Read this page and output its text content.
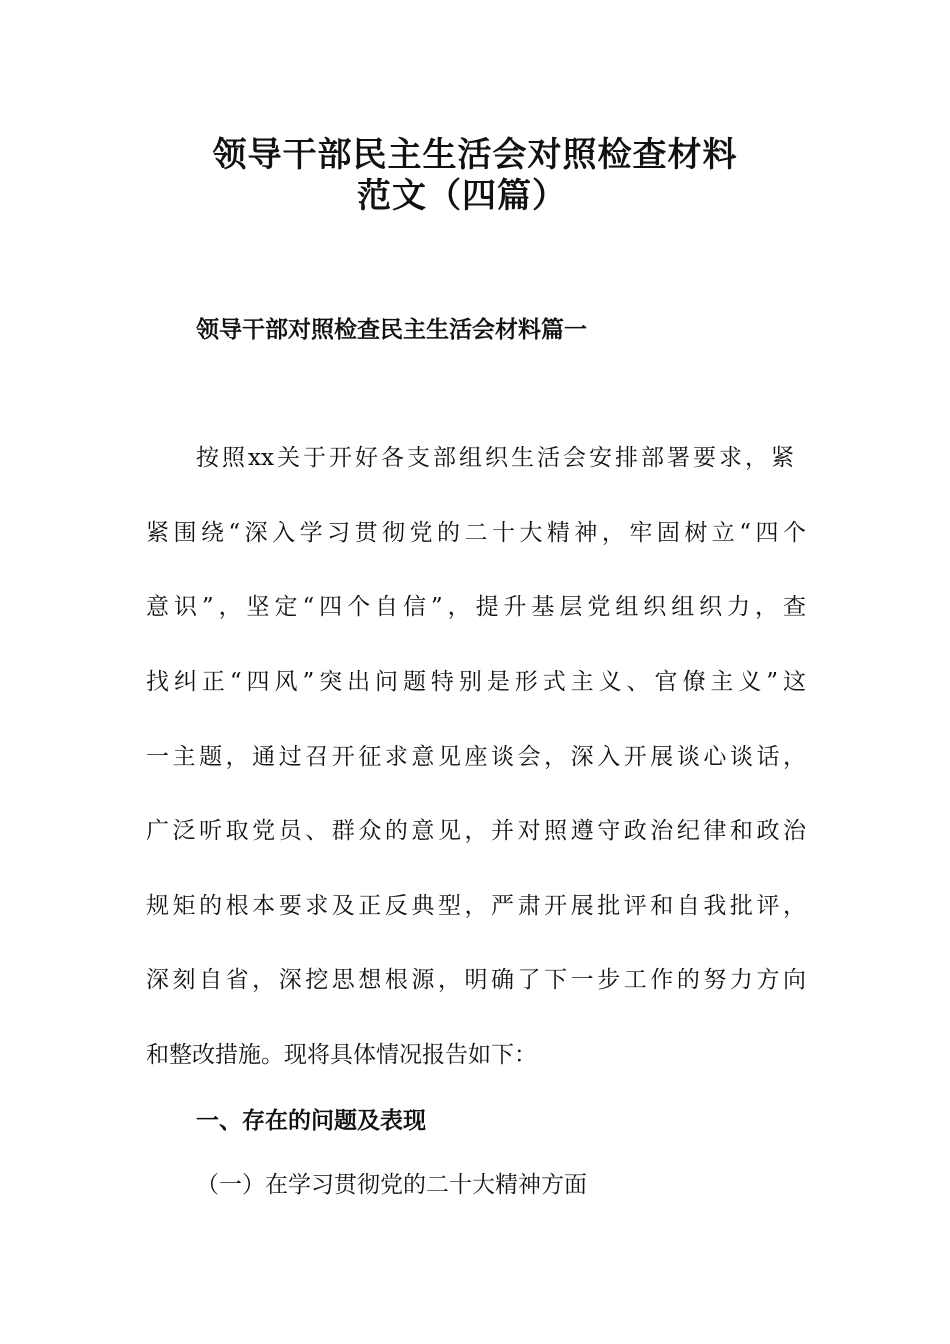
领导干部民主生活会对照检查材料
范文（四篇）
领导干部对照检查民主生活会材料篇一
按照xx关于开好各支部组织生活会安排部署要求，紧
紧围绕“深入学习贯彻党的二十大精神，牢固树立“四个
意识”，坚定“四个自信”，提升基层党组织组织力，查
找纠正“四风”突出问题特别是形式主义、官僚主义”这
一主题，通过召开征求意见座谈会，深入开展谈心谈话，
广泛听取党员、群众的意见，并对照遵守政治纪律和政治
规矩的根本要求及正反典型，严肃开展批评和自我批评，
深刻自省，深挖思想根源，明确了下一步工作的努力方向
和整改措施。现将具体情况报告如下：
一、存在的问题及表现
（一）在学习贯彻党的二十大精神方面
